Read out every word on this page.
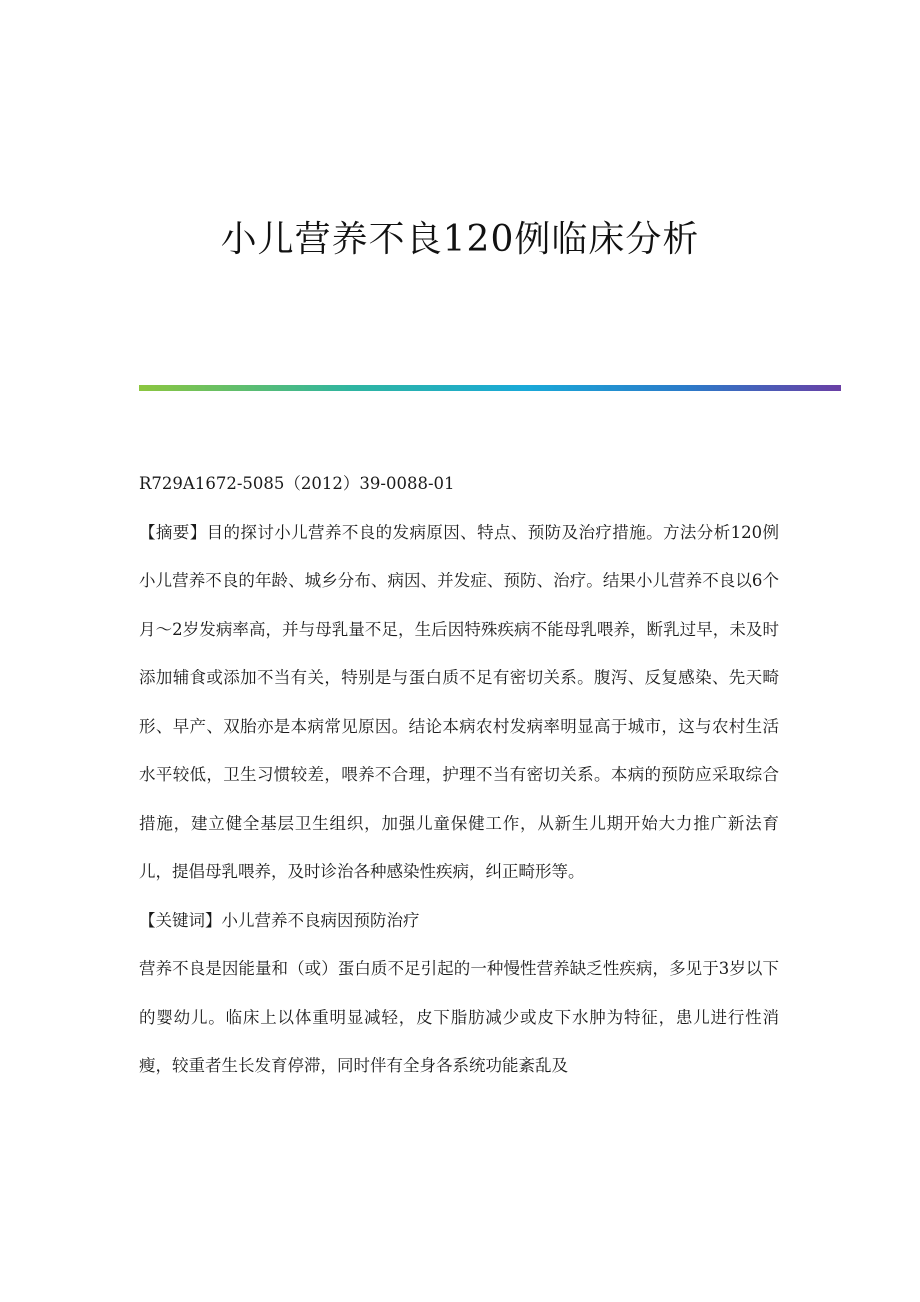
小儿营养不良120例临床分析

R729A1672-5085（2012）39-0088-01

【摘要】目的探讨小儿营养不良的发病原因、特点、预防及治疗措施。方法分析120例小儿营养不良的年龄、城乡分布、病因、并发症、预防、治疗。结果小儿营养不良以6个月～2岁发病率高，并与母乳量不足，生后因特殊疾病不能母乳喂养，断乳过早，未及时添加辅食或添加不当有关，特别是与蛋白质不足有密切关系。腹泻、反复感染、先天畸形、早产、双胎亦是本病常见原因。结论本病农村发病率明显高于城市，这与农村生活水平较低，卫生习惯较差，喂养不合理，护理不当有密切关系。本病的预防应采取综合措施，建立健全基层卫生组织，加强儿童保健工作，从新生儿期开始大力推广新法育儿，提倡母乳喂养，及时诊治各种感染性疾病，纠正畸形等。

【关键词】小儿营养不良病因预防治疗

营养不良是因能量和（或）蛋白质不足引起的一种慢性营养缺乏性疾病，多见于3岁以下的婴幼儿。临床上以体重明显减轻，皮下脂肪减少或皮下水肿为特征，患儿进行性消瘦，较重者生长发育停滞，同时伴有全身各系统功能紊乱及
